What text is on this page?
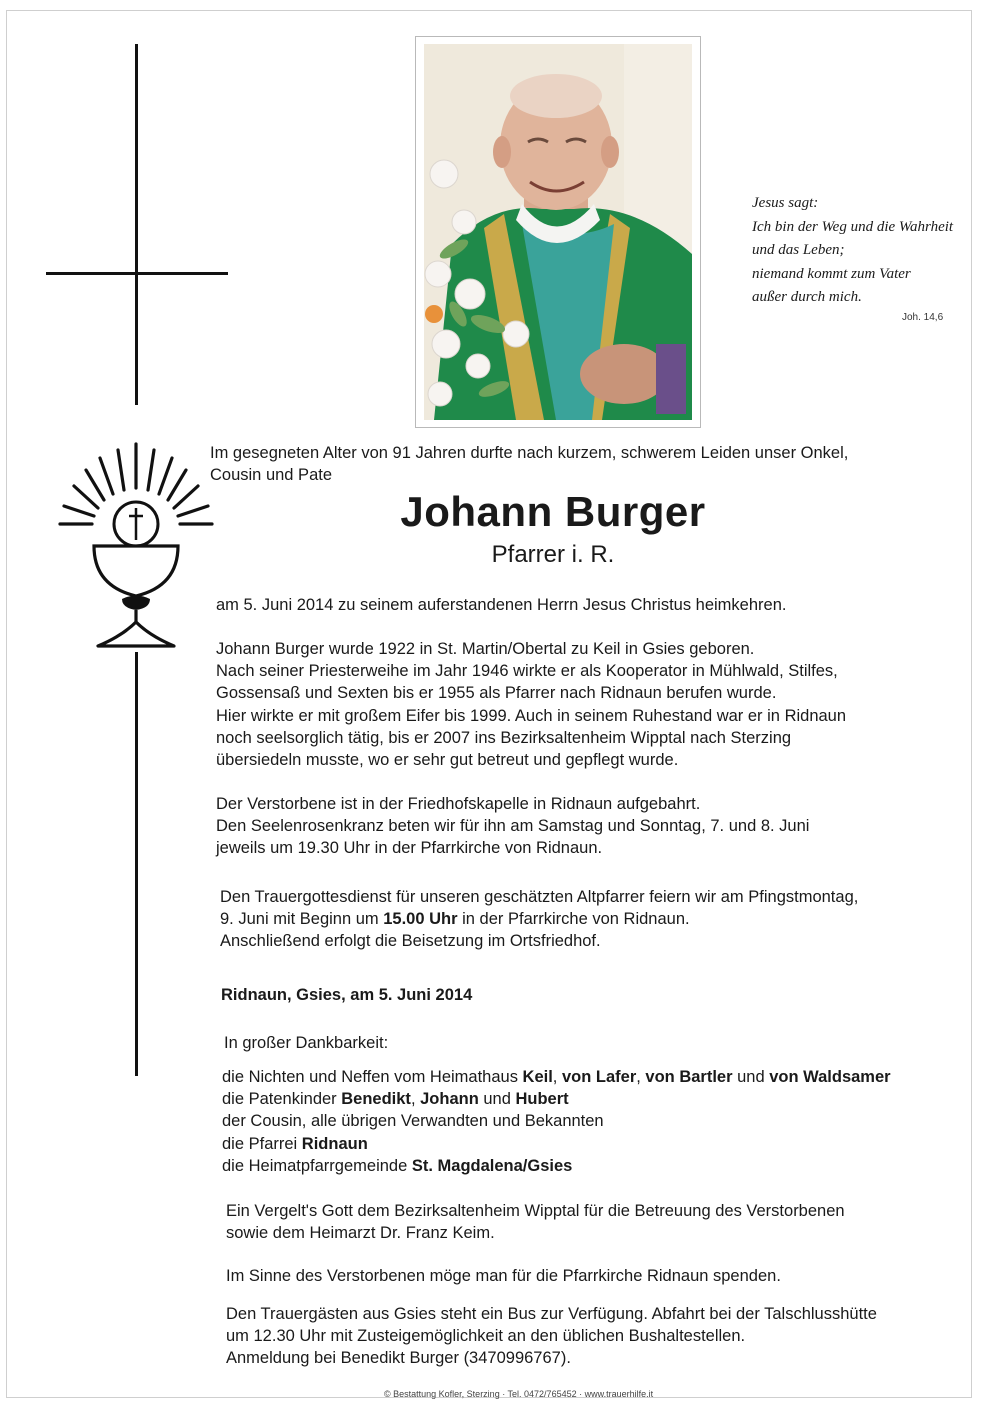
Jesus sagt:
Ich bin der Weg und die Wahrheit
und das Leben;
niemand kommt zum Vater
außer durch mich.
Joh. 14,6
Im gesegneten Alter von 91 Jahren durfte nach kurzem, schwerem Leiden unser Onkel,
Cousin und Pate
Johann Burger
Pfarrer i. R.
am 5. Juni 2014 zu seinem auferstandenen Herrn Jesus Christus heimkehren.
Johann Burger wurde 1922 in St. Martin/Obertal zu Keil in Gsies geboren.
Nach seiner Priesterweihe im Jahr 1946 wirkte er als Kooperator in Mühlwald, Stilfes,
Gossensaß und Sexten bis er 1955 als Pfarrer nach Ridnaun berufen wurde.
Hier wirkte er mit großem Eifer bis 1999. Auch in seinem Ruhestand war er in Ridnaun
noch seelsorglich tätig, bis er 2007 ins Bezirksaltenheim Wipptal nach Sterzing
übersiedeln musste, wo er sehr gut betreut und gepflegt wurde.
Der Verstorbene ist in der Friedhofskapelle in Ridnaun aufgebahrt.
Den Seelenrosenkranz beten wir für ihn am Samstag und Sonntag, 7. und 8. Juni
jeweils um 19.30 Uhr in der Pfarrkirche von Ridnaun.
Den Trauergottesdienst für unseren geschätzten Altpfarrer feiern wir am Pfingstmontag,
9. Juni mit Beginn um 15.00 Uhr in der Pfarrkirche von Ridnaun.
Anschließend erfolgt die Beisetzung im Ortsfriedhof.
Ridnaun, Gsies, am 5. Juni 2014
In großer Dankbarkeit:
die Nichten und Neffen vom Heimathaus Keil, von Lafer, von Bartler und von Waldsamer
die Patenkinder Benedikt, Johann und Hubert
der Cousin, alle übrigen Verwandten und Bekannten
die Pfarrei Ridnaun
die Heimatpfarrgemeinde St. Magdalena/Gsies
Ein Vergelt's Gott dem Bezirksaltenheim Wipptal für die Betreuung des Verstorbenen
sowie dem Heimarzt Dr. Franz Keim.
Im Sinne des Verstorbenen möge man für die Pfarrkirche Ridnaun spenden.
Den Trauergästen aus Gsies steht ein Bus zur Verfügung. Abfahrt bei der Talschlusshütte
um 12.30 Uhr mit Zusteigemöglichkeit an den üblichen Bushaltestellen.
Anmeldung bei Benedikt Burger (3470996767).
© Bestattung Kofler, Sterzing · Tel. 0472/765452 · www.trauerhilfe.it
